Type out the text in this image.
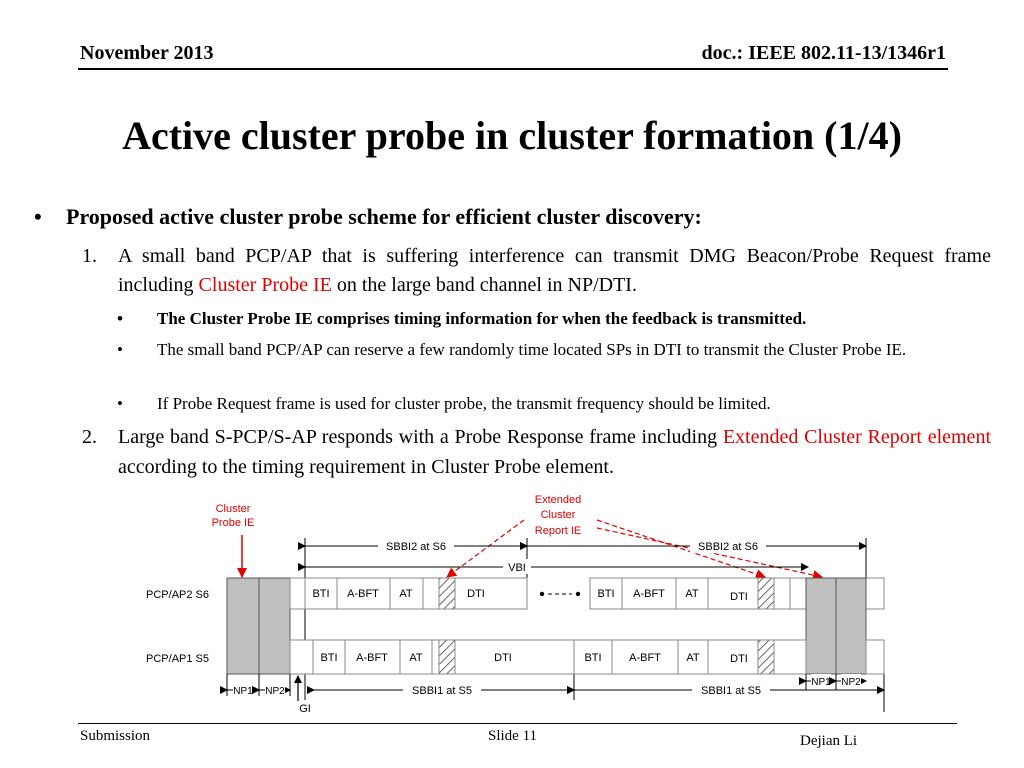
November 2013	doc.: IEEE 802.11-13/1346r1
Active cluster probe in cluster formation (1/4)
• Proposed active cluster probe scheme for efficient cluster discovery:
1. A small band PCP/AP that is suffering interference can transmit DMG Beacon/Probe Request frame including Cluster Probe IE on the large band channel in NP/DTI.
• The Cluster Probe IE comprises timing information for when the feedback is transmitted.
• The small band PCP/AP can reserve a few randomly time located SPs in DTI to transmit the Cluster Probe IE.
• If Probe Request frame is used for cluster probe, the transmit frequency should be limited.
2. Large band S-PCP/S-AP responds with a Probe Response frame including Extended Cluster Report element according to the timing requirement in Cluster Probe element.
Cluster
Probe IE
Extended
Cluster
Report IE
SBBI2 at S6	SBBI2 at S6
VBI
PCP/AP2 S6
PCP/AP1 S5
BTI A-BFT AT	DTI	BTI A-BFT AT	DTI
BTI A-BFT AT	DTI	BTI	A-BFT AT	DTI
NP1 NP2
NP1 NP2
SBBI1 at S5	SBBI1 at S5
GI
Submission	Slide 11	Dejian Li
